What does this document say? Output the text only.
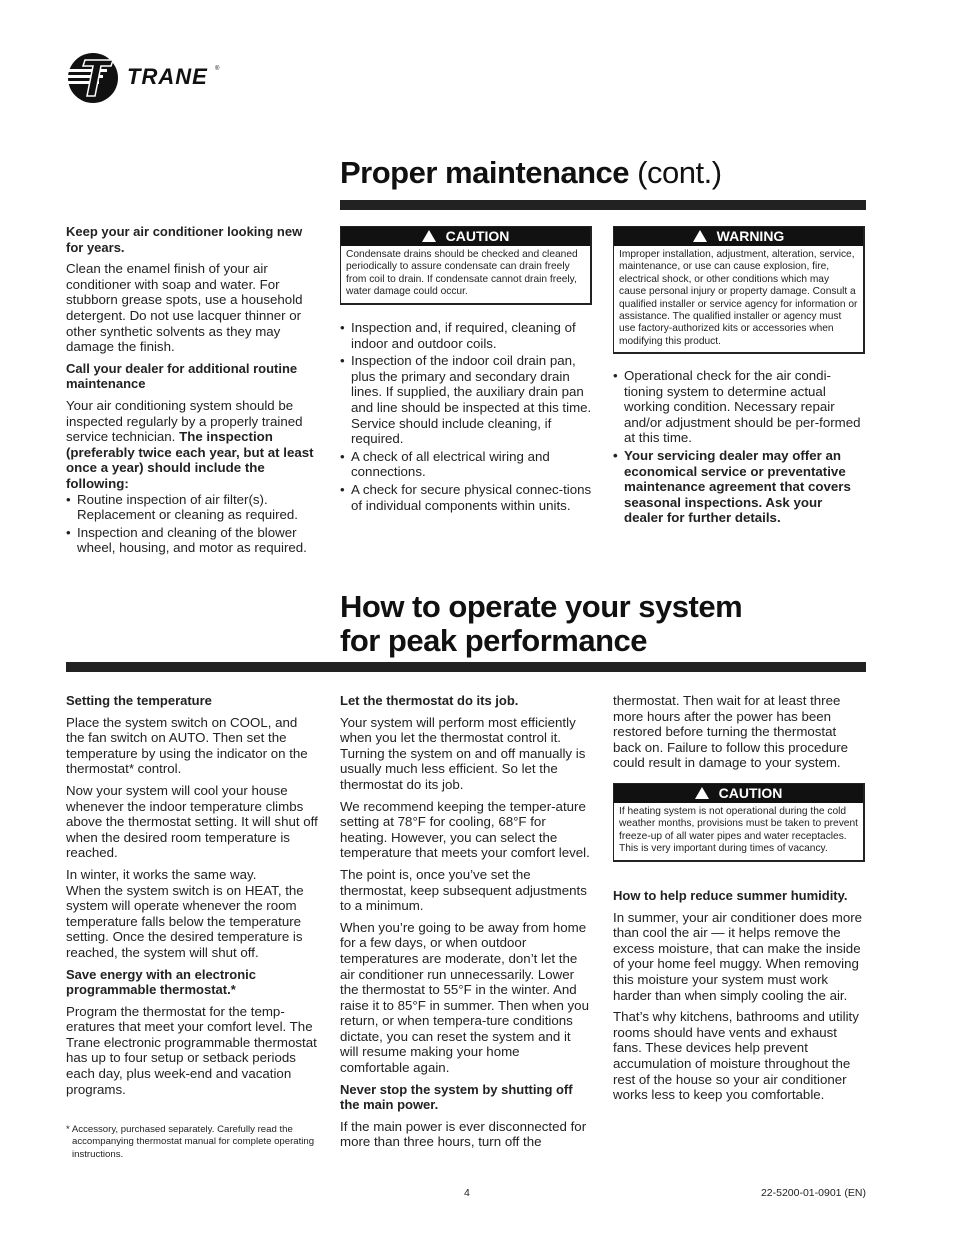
TRANE ®
Proper maintenance (cont.)
Keep your air conditioner looking new for years.

Clean the enamel finish of your air conditioner with soap and water. For stubborn grease spots, use a household detergent. Do not use lacquer thinner or other synthetic solvents as they may damage the finish.

Call your dealer for additional routine maintenance

Your air conditioning system should be inspected regularly by a properly trained service technician. The inspection (preferably twice each year, but at least once a year) should include the following:

• Routine inspection of air filter(s). Replacement or cleaning as required.
• Inspection and cleaning of the blower wheel, housing, and motor as required.
CAUTION
Condensate drains should be checked and cleaned periodically to assure condensate can drain freely from coil to drain. If condensate cannot drain freely, water damage could occur.
• Inspection and, if required, cleaning of indoor and outdoor coils.
• Inspection of the indoor coil drain pan, plus the primary and secondary drain lines. If supplied, the auxiliary drain pan and line should be inspected at this time. Service should include cleaning, if required.
• A check of all electrical wiring and connections.
• A check for secure physical connec-tions of individual components within units.
WARNING
Improper installation, adjustment, alteration, service, maintenance, or use can cause explosion, fire, electrical shock, or other conditions which may cause personal injury or property damage. Consult a qualified installer or service agency for information or assistance. The qualified installer or agency must use factory-authorized kits or accessories when modifying this product.
• Operational check for the air condi-tioning system to determine actual working condition. Necessary repair and/or adjustment should be per-formed at this time.
• Your servicing dealer may offer an economical service or preventative maintenance agreement that covers seasonal inspections. Ask your dealer for further details.
How to operate your system
for peak performance
Setting the temperature

Place the system switch on COOL, and the fan switch on AUTO. Then set the temperature by using the indicator on the thermostat* control.

Now your system will cool your house whenever the indoor temperature climbs above the thermostat setting. It will shut off when the desired room temperature is reached.

In winter, it works the same way.
When the system switch is on HEAT, the system will operate whenever the room temperature falls below the temperature setting. Once the desired temperature is reached, the system will shut off.

Save energy with an electronic programmable thermostat.*

Program the thermostat for the temp-eratures that meet your comfort level. The Trane electronic programmable thermostat has up to four setup or setback periods each day, plus week-end and vacation programs.

* Accessory, purchased separately. Carefully read the accompanying thermostat manual for complete operating instructions.
Let the thermostat do its job.

Your system will perform most efficiently when you let the thermostat control it. Turning the system on and off manually is usually much less efficient. So let the thermostat do its job.

We recommend keeping the temper-ature setting at 78°F for cooling, 68°F for heating. However, you can select the temperature that meets your comfort level.

The point is, once you’ve set the thermostat, keep subsequent adjustments to a minimum.

When you’re going to be away from home for a few days, or when outdoor temperatures are moderate, don’t let the air conditioner run unnecessarily. Lower the thermostat to 55°F in the winter. And raise it to 85°F in summer. Then when you return, or when tempera-ture conditions dictate, you can reset the system and it will resume making your home comfortable again.

Never stop the system by shutting off the main power.

If the main power is ever disconnected for more than three hours, turn off the

thermostat. Then wait for at least three more hours after the power has been restored before turning the thermostat back on. Failure to follow this procedure could result in damage to your system.

CAUTION
If heating system is not operational during the cold weather months, provisions must be taken to prevent freeze-up of all water pipes and water receptacles. This is very important during times of vacancy.
How to help reduce summer humidity.

In summer, your air conditioner does more than cool the air — it helps remove the excess moisture, that can make the inside of your home feel muggy. When removing this moisture your system must work harder than when simply cooling the air.

That’s why kitchens, bathrooms and utility rooms should have vents and exhaust fans. These devices help prevent accumulation of moisture throughout the rest of the house so your air conditioner works less to keep you comfortable.

4	22-5200-01-0901 (EN)
